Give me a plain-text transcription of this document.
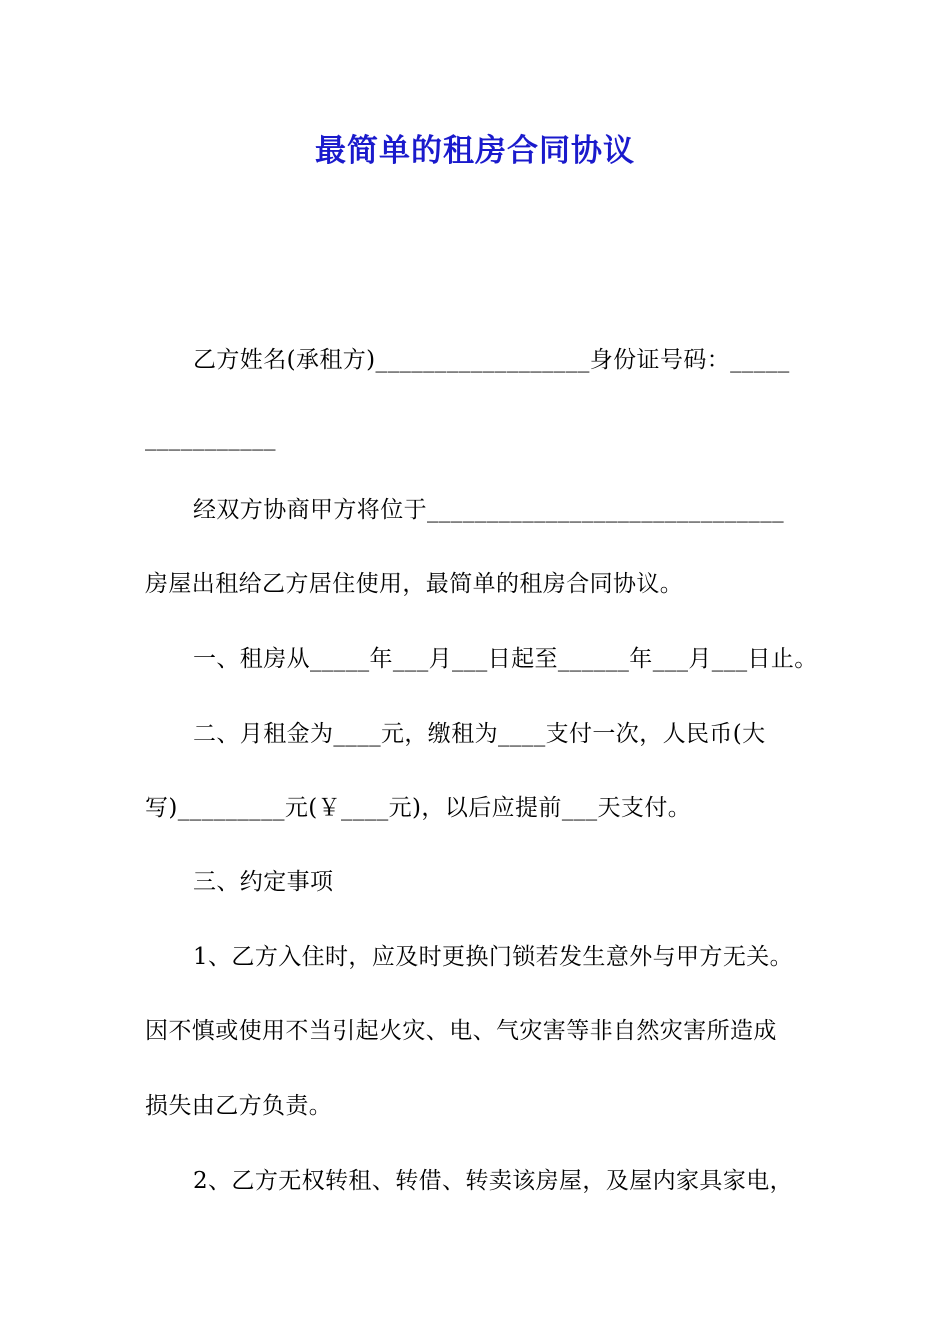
最简单的租房合同协议
乙方姓名(承租方)__________________身份证号码：_____
___________
经双方协商甲方将位于______________________________
房屋出租给乙方居住使用，最简单的租房合同协议。
一、租房从_____年___月___日起至______年___月___日止。
二、月租金为____元，缴租为____支付一次，人民币(大
写)_________元(￥____元)，以后应提前___天支付。
三、约定事项
1、乙方入住时，应及时更换门锁若发生意外与甲方无关。
因不慎或使用不当引起火灾、电、气灾害等非自然灾害所造成
损失由乙方负责。
2、乙方无权转租、转借、转卖该房屋，及屋内家具家电，
